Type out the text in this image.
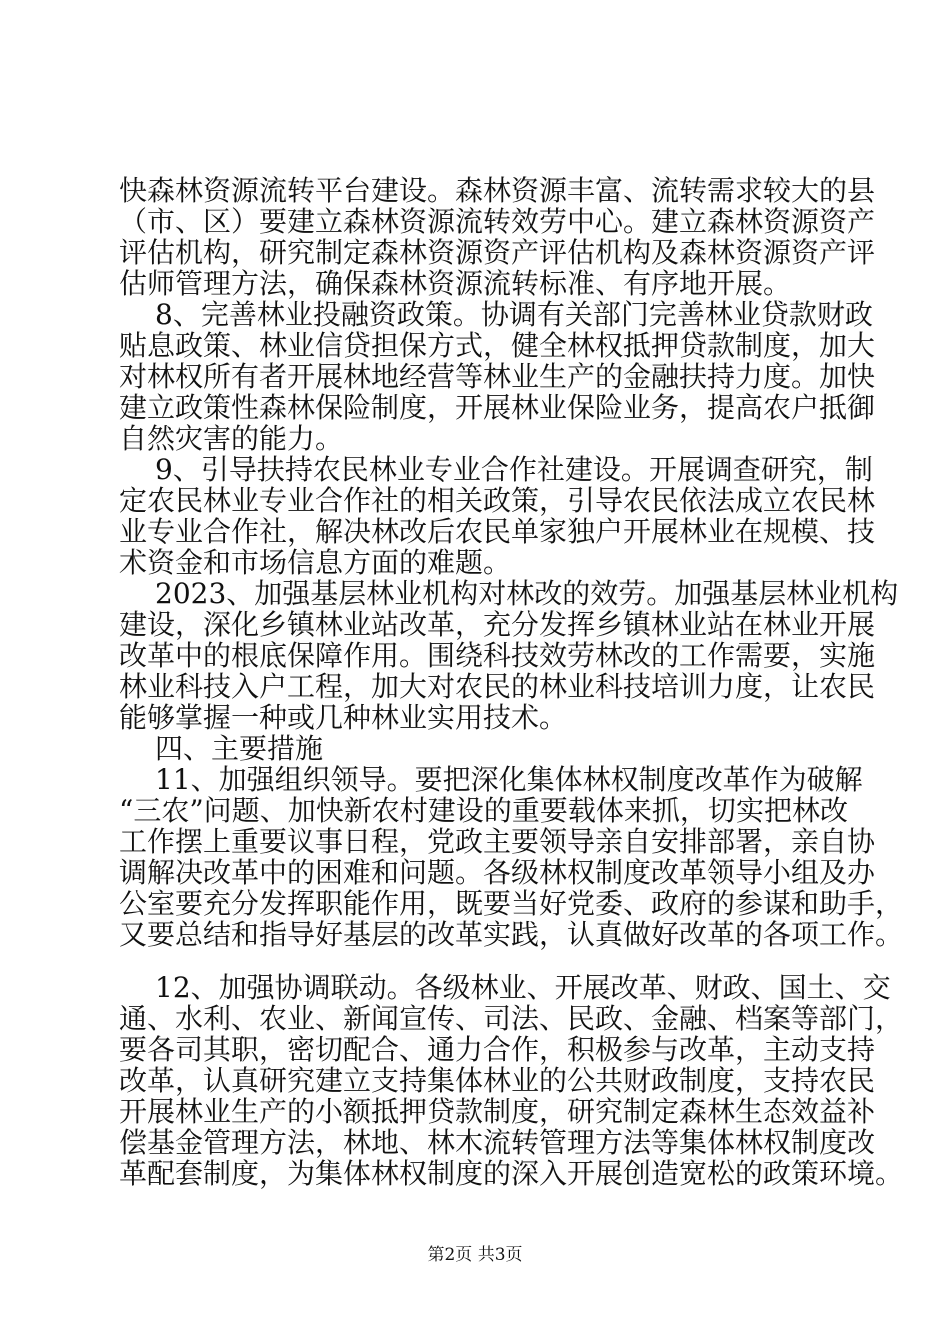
快森林资源流转平台建设。森林资源丰富、流转需求较大的县
（市、区）要建立森林资源流转效劳中心。建立森林资源资产
评估机构，研究制定森林资源资产评估机构及森林资源资产评
估师管理方法，确保森林资源流转标准、有序地开展。
8、完善林业投融资政策。协调有关部门完善林业贷款财政
贴息政策、林业信贷担保方式，健全林权抵押贷款制度，加大
对林权所有者开展林地经营等林业生产的金融扶持力度。加快
建立政策性森林保险制度，开展林业保险业务，提高农户抵御
自然灾害的能力。
9、引导扶持农民林业专业合作社建设。开展调查研究，制
定农民林业专业合作社的相关政策，引导农民依法成立农民林
业专业合作社，解决林改后农民单家独户开展林业在规模、技
术资金和市场信息方面的难题。
2023、加强基层林业机构对林改的效劳。加强基层林业机构
建设，深化乡镇林业站改革，充分发挥乡镇林业站在林业开展
改革中的根底保障作用。围绕科技效劳林改的工作需要，实施
林业科技入户工程，加大对农民的林业科技培训力度，让农民
能够掌握一种或几种林业实用技术。
四、主要措施
11、加强组织领导。要把深化集体林权制度改革作为破解
“三农”问题、加快新农村建设的重要载体来抓，切实把林改
工作摆上重要议事日程，党政主要领导亲自安排部署，亲自协
调解决改革中的困难和问题。各级林权制度改革领导小组及办
公室要充分发挥职能作用，既要当好党委、政府的参谋和助手，
又要总结和指导好基层的改革实践，认真做好改革的各项工作。
12、加强协调联动。各级林业、开展改革、财政、国土、交
通、水利、农业、新闻宣传、司法、民政、金融、档案等部门，
要各司其职，密切配合、通力合作，积极参与改革，主动支持
改革，认真研究建立支持集体林业的公共财政制度，支持农民
开展林业生产的小额抵押贷款制度，研究制定森林生态效益补
偿基金管理方法，林地、林木流转管理方法等集体林权制度改
革配套制度，为集体林权制度的深入开展创造宽松的政策环境。
第2页 共3页
